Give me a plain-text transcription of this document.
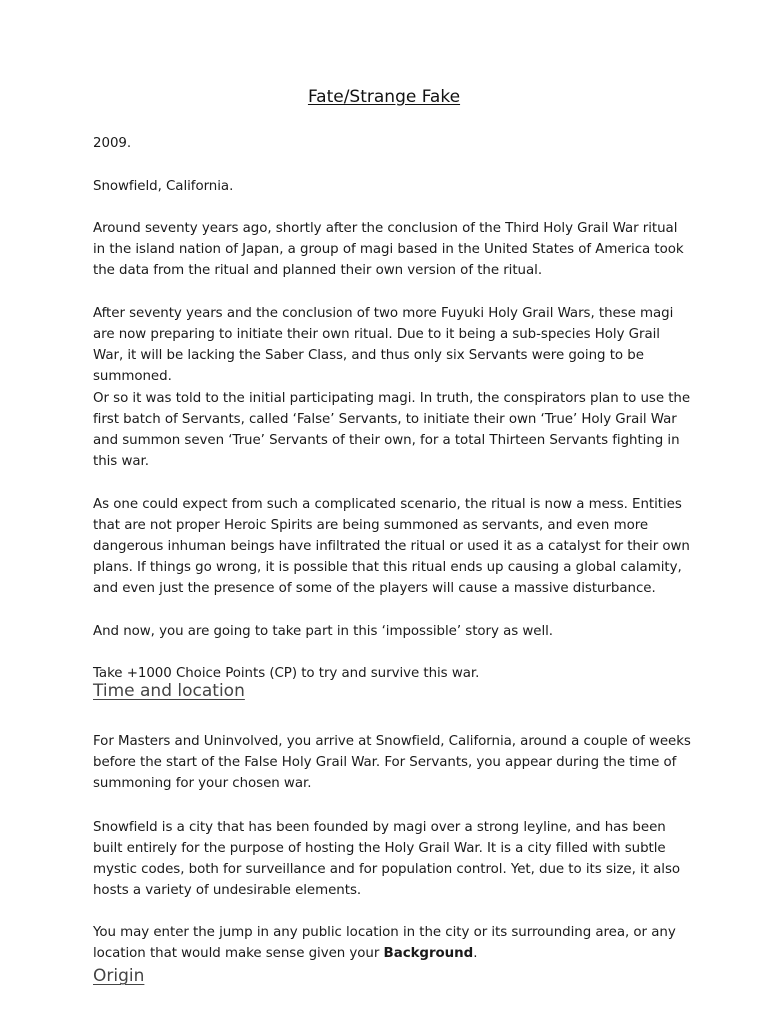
Fate/Strange Fake

2009.

Snowfield, California.

Around seventy years ago, shortly after the conclusion of the Third Holy Grail War ritual in the island nation of Japan, a group of magi based in the United States of America took the data from the ritual and planned their own version of the ritual.

After seventy years and the conclusion of two more Fuyuki Holy Grail Wars, these magi are now preparing to initiate their own ritual. Due to it being a sub-species Holy Grail War, it will be lacking the Saber Class, and thus only six Servants were going to be summoned.

Or so it was told to the initial participating magi. In truth, the conspirators plan to use the first batch of Servants, called ‘False’ Servants, to initiate their own ‘True’ Holy Grail War and summon seven ‘True’ Servants of their own, for a total Thirteen Servants fighting in this war.

As one could expect from such a complicated scenario, the ritual is now a mess. Entities that are not proper Heroic Spirits are being summoned as servants, and even more dangerous inhuman beings have infiltrated the ritual or used it as a catalyst for their own plans. If things go wrong, it is possible that this ritual ends up causing a global calamity, and even just the presence of some of the players will cause a massive disturbance.

And now, you are going to take part in this ‘impossible’ story as well.

Take +1000 Choice Points (CP) to try and survive this war.

Time and location

For Masters and Uninvolved, you arrive at Snowfield, California, around a couple of weeks before the start of the False Holy Grail War. For Servants, you appear during the time of summoning for your chosen war.

Snowfield is a city that has been founded by magi over a strong leyline, and has been built entirely for the purpose of hosting the Holy Grail War. It is a city filled with subtle mystic codes, both for surveillance and for population control. Yet, due to its size, it also hosts a variety of undesirable elements.

You may enter the jump in any public location in the city or its surrounding area, or any location that would make sense given your Background.

Origin
